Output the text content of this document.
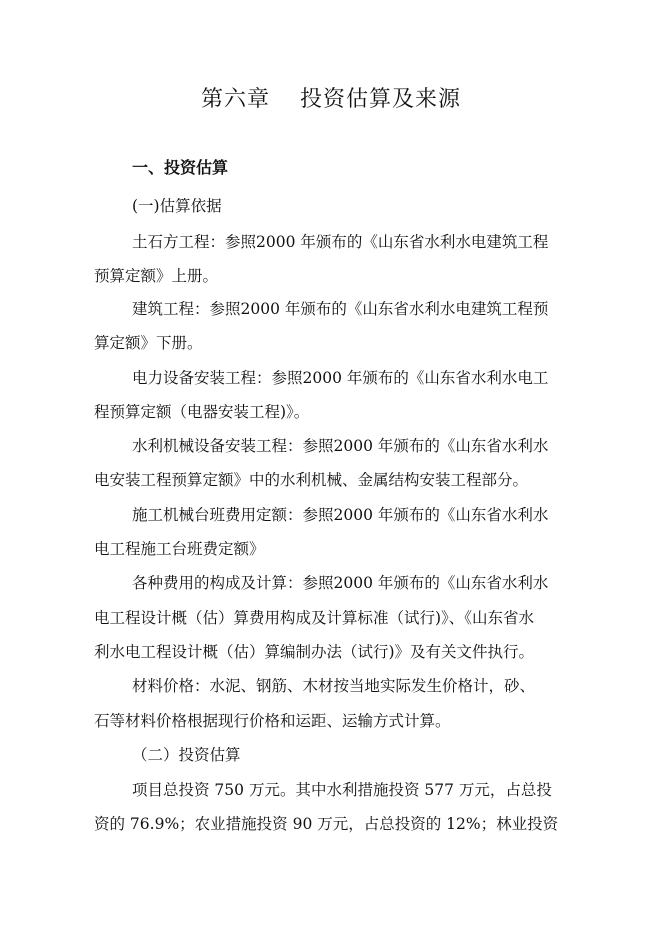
第六章 投资估算及来源
一、投资估算
(一)估算依据
土石方工程：参照2000 年颁布的《山东省水利水电建筑工程
预算定额》上册。
建筑工程：参照2000 年颁布的《山东省水利水电建筑工程预
算定额》下册。
电力设备安装工程：参照2000 年颁布的《山东省水利水电工
程预算定额（电器安装工程)》。
水利机械设备安装工程：参照2000 年颁布的《山东省水利水
电安装工程预算定额》中的水利机械、金属结构安装工程部分。
施工机械台班费用定额：参照2000 年颁布的《山东省水利水
电工程施工台班费定额》
各种费用的构成及计算：参照2000 年颁布的《山东省水利水
电工程设计概（估）算费用构成及计算标准（试行)》、《山东省水
利水电工程设计概（估）算编制办法（试行)》及有关文件执行。
材料价格：水泥、钢筋、木材按当地实际发生价格计，砂、
石等材料价格根据现行价格和运距、运输方式计算。
（二）投资估算
项目总投资 750 万元。其中水利措施投资 577 万元，占总投
资的 76.9%；农业措施投资 90 万元，占总投资的 12%；林业投资
